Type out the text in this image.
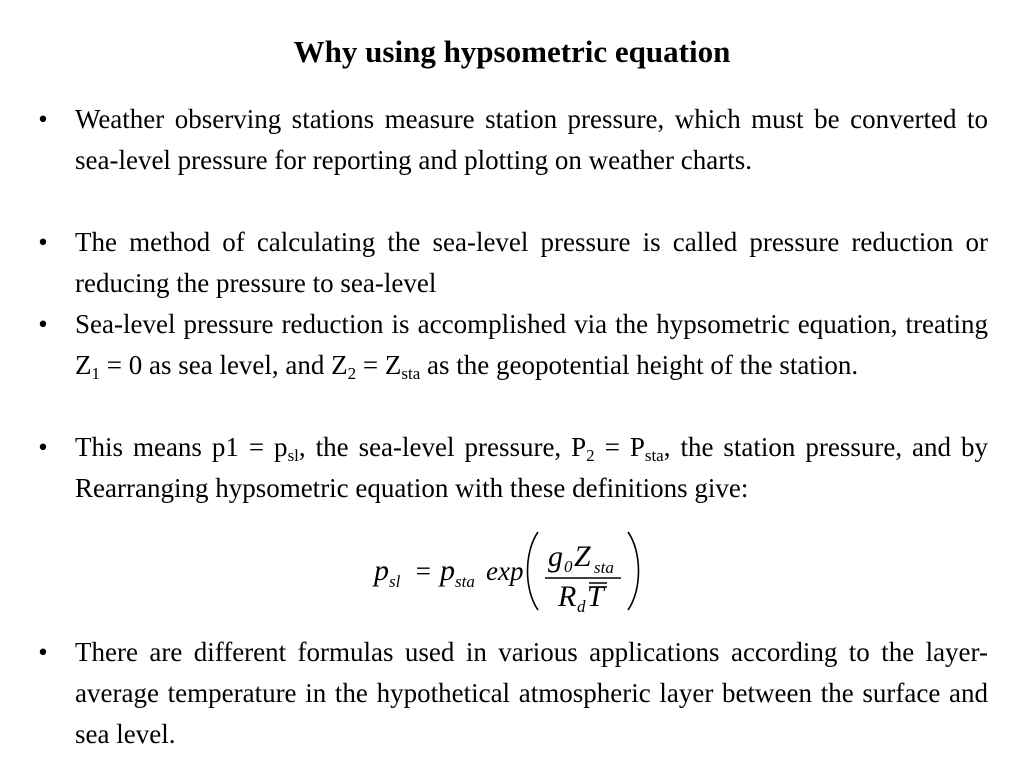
Why using hypsometric equation
• Weather observing stations measure station pressure, which must be converted to sea-level pressure for reporting and plotting on weather charts.
• The method of calculating the sea-level pressure is called pressure reduction or reducing the pressure to sea-level
• Sea-level pressure reduction is accomplished via the hypsometric equation, treating $Z_1 = 0$ as sea level, and $Z_2 = Z_{sta}$ as the geopotential height of the station.
• This means $p1 = p_{sl}$, the sea-level pressure, $P_2 = P_{sta}$, the station pressure, and by Rearranging hypsometric equation with these definitions give:
• There are different formulas used in various applications according to the layer-average temperature in the hypothetical atmospheric layer between the surface and sea level.
p sl = p sta exp g 0 Z sta
R d T
